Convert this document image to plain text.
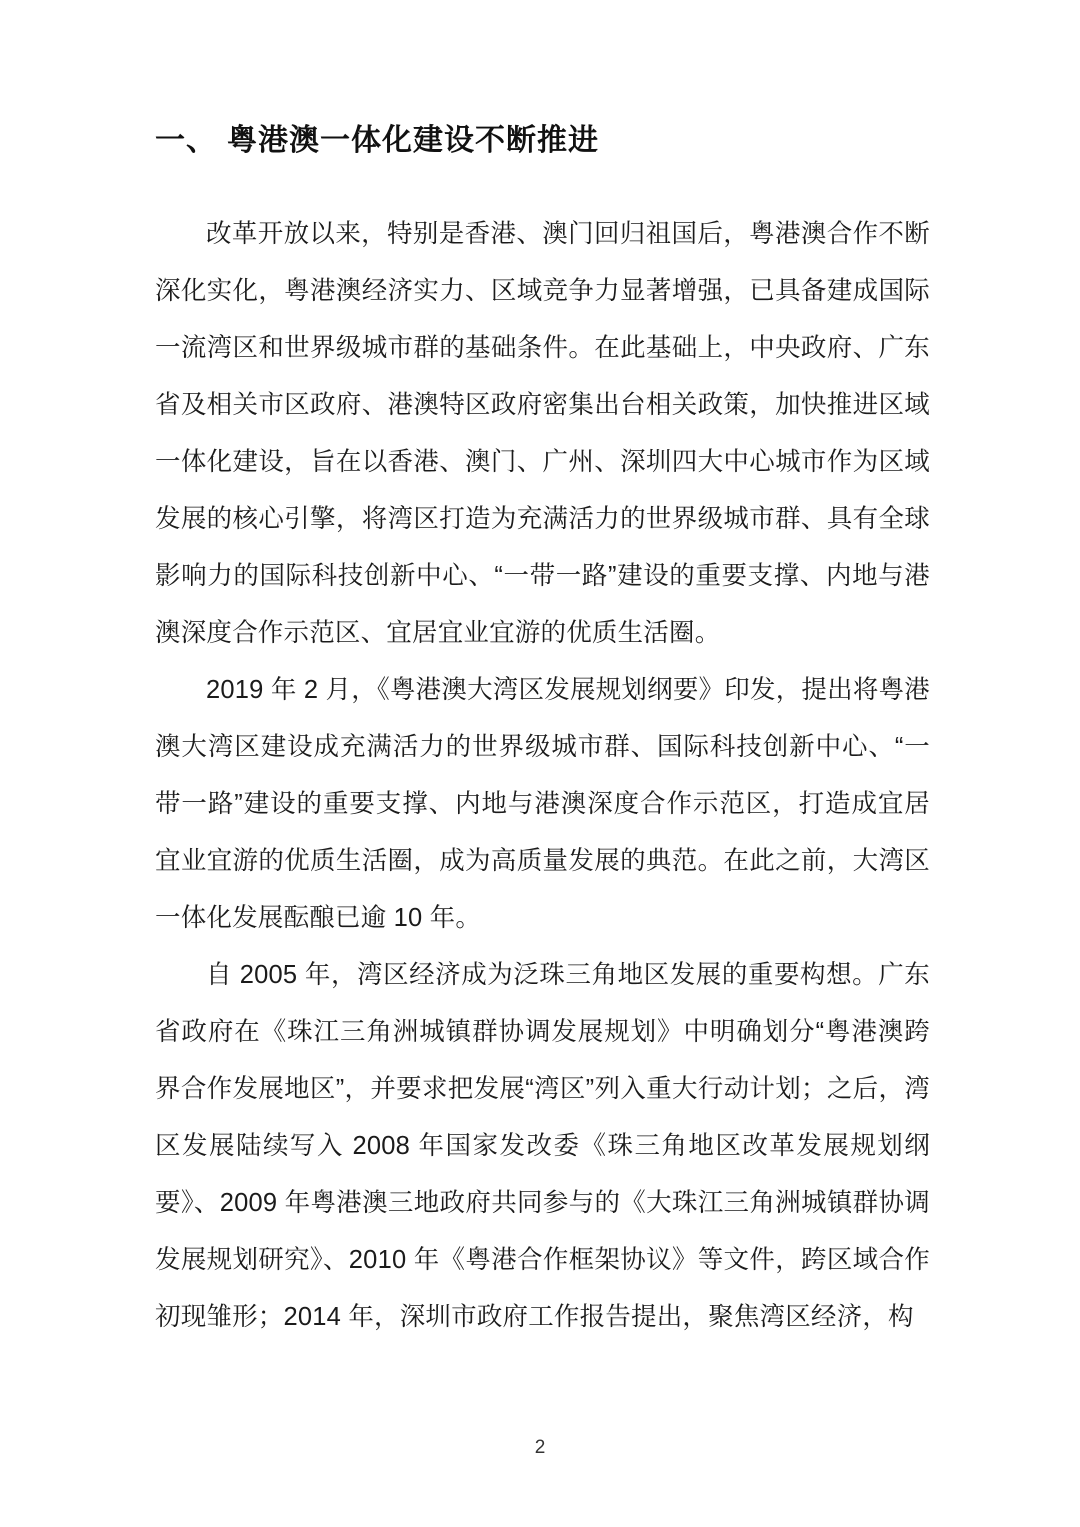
一、 粤港澳一体化建设不断推进

改革开放以来，特别是香港、澳门回归祖国后，粤港澳合作不断深化实化，粤港澳经济实力、区域竞争力显著增强，已具备建成国际一流湾区和世界级城市群的基础条件。在此基础上，中央政府、广东省及相关市区政府、港澳特区政府密集出台相关政策，加快推进区域一体化建设，旨在以香港、澳门、广州、深圳四大中心城市作为区域发展的核心引擎，将湾区打造为充满活力的世界级城市群、具有全球影响力的国际科技创新中心、“一带一路”建设的重要支撑、内地与港澳深度合作示范区、宜居宜业宜游的优质生活圈。

2019 年 2 月，《粤港澳大湾区发展规划纲要》印发，提出将粤港澳大湾区建设成充满活力的世界级城市群、国际科技创新中心、“一带一路”建设的重要支撑、内地与港澳深度合作示范区，打造成宜居宜业宜游的优质生活圈，成为高质量发展的典范。在此之前，大湾区一体化发展酝酿已逾 10 年。

自 2005 年，湾区经济成为泛珠三角地区发展的重要构想。广东省政府在《珠江三角洲城镇群协调发展规划》中明确划分“粤港澳跨界合作发展地区”，并要求把发展“湾区”列入重大行动计划；之后，湾区发展陆续写入 2008 年国家发改委《珠三角地区改革发展规划纲要》、2009 年粤港澳三地政府共同参与的《大珠江三角洲城镇群协调发展规划研究》、2010 年《粤港合作框架协议》等文件，跨区域合作初现雏形；2014 年，深圳市政府工作报告提出，聚焦湾区经济，构

2
